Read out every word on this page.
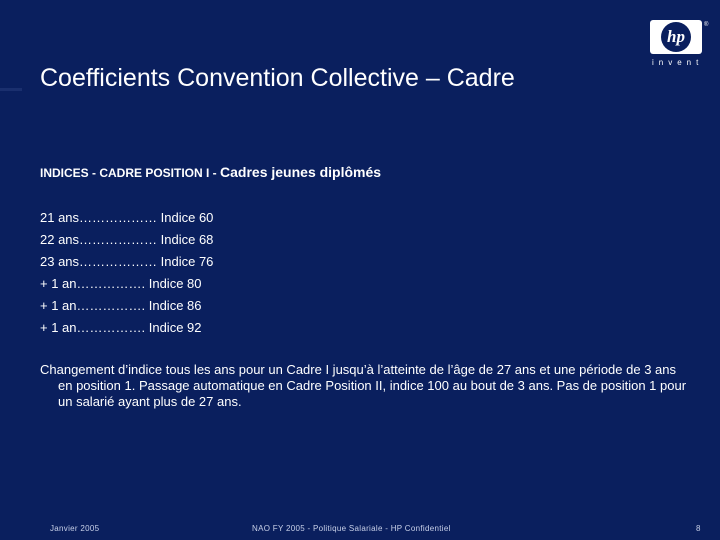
Coefficients Convention Collective – Cadre
hp
®
invent
INDICES - CADRE POSITION I - Cadres jeunes diplômés
21 ans……………… Indice 60
22 ans……………… Indice 68
23 ans……………… Indice 76
+ 1 an……………. Indice 80
+ 1 an……………. Indice 86
+ 1 an……………. Indice 92
Changement d’indice tous les ans pour un Cadre I jusqu’à l’atteinte de l’âge de 27 ans et une période de 3 ans en position 1. Passage automatique en Cadre Position II, indice 100 au bout de 3 ans. Pas de position 1 pour un salarié ayant plus de 27 ans.
Janvier 2005	NAO FY 2005 - Politique Salariale - HP Confidentiel	8
